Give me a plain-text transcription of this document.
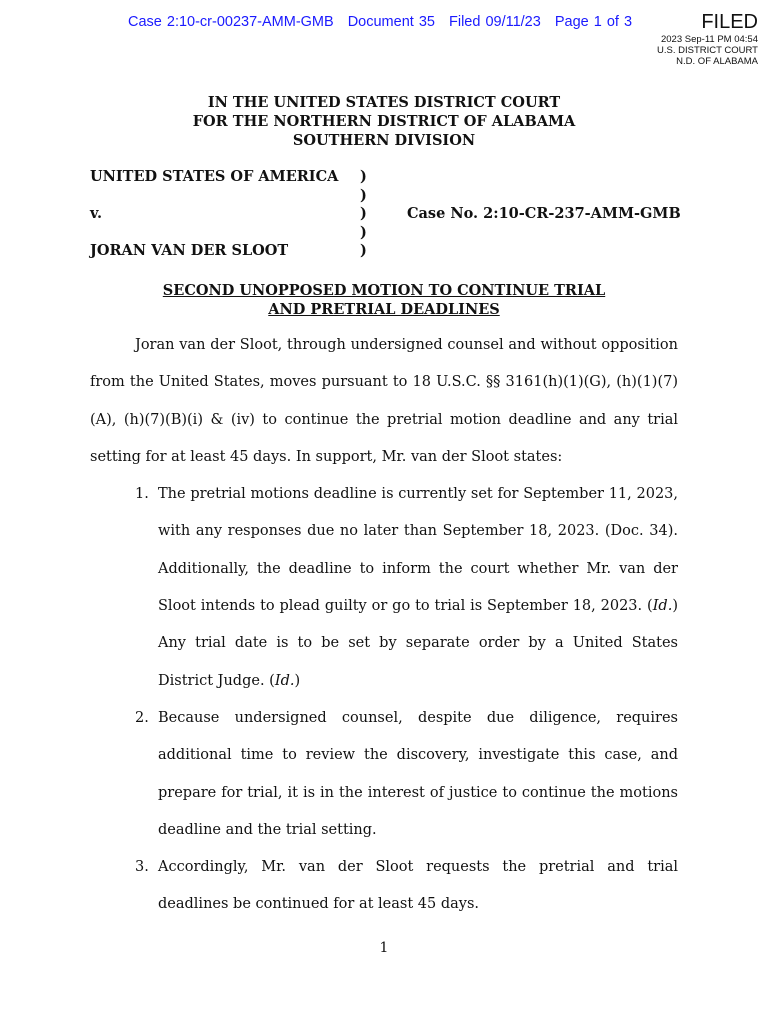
Case 2:10-cr-00237-AMM-GMB Document 35 Filed 09/11/23 Page 1 of 3	FILED
2023 Sep-11 PM 04:54
U.S. DISTRICT COURT
N.D. OF ALABAMA
IN THE UNITED STATES DISTRICT COURT
FOR THE NORTHERN DISTRICT OF ALABAMA
SOUTHERN DIVISION
UNITED STATES OF AMERICA )
)
v.	)	Case No. 2:10-CR-237-AMM-GMB
)
JORAN VAN DER SLOOT	)
SECOND UNOPPOSED MOTION TO CONTINUE TRIAL
AND PRETRIAL DEADLINES

Joran van der Sloot, through undersigned counsel and without opposition from the United States, moves pursuant to 18 U.S.C. §§ 3161(h)(1)(G), (h)(1)(7)(A), (h)(7)(B)(i) & (iv) to continue the pretrial motion deadline and any trial setting for at least 45 days. In support, Mr. van der Sloot states:

1. The pretrial motions deadline is currently set for September 11, 2023, with any responses due no later than September 18, 2023. (Doc. 34). Additionally, the deadline to inform the court whether Mr. van der Sloot intends to plead guilty or go to trial is September 18, 2023. (Id.) Any trial date is to be set by separate order by a United States District Judge. (Id.)
2. Because undersigned counsel, despite due diligence, requires additional time to review the discovery, investigate this case, and prepare for trial, it is in the interest of justice to continue the motions deadline and the trial setting.
3. Accordingly, Mr. van der Sloot requests the pretrial and trial deadlines be continued for at least 45 days.
1
